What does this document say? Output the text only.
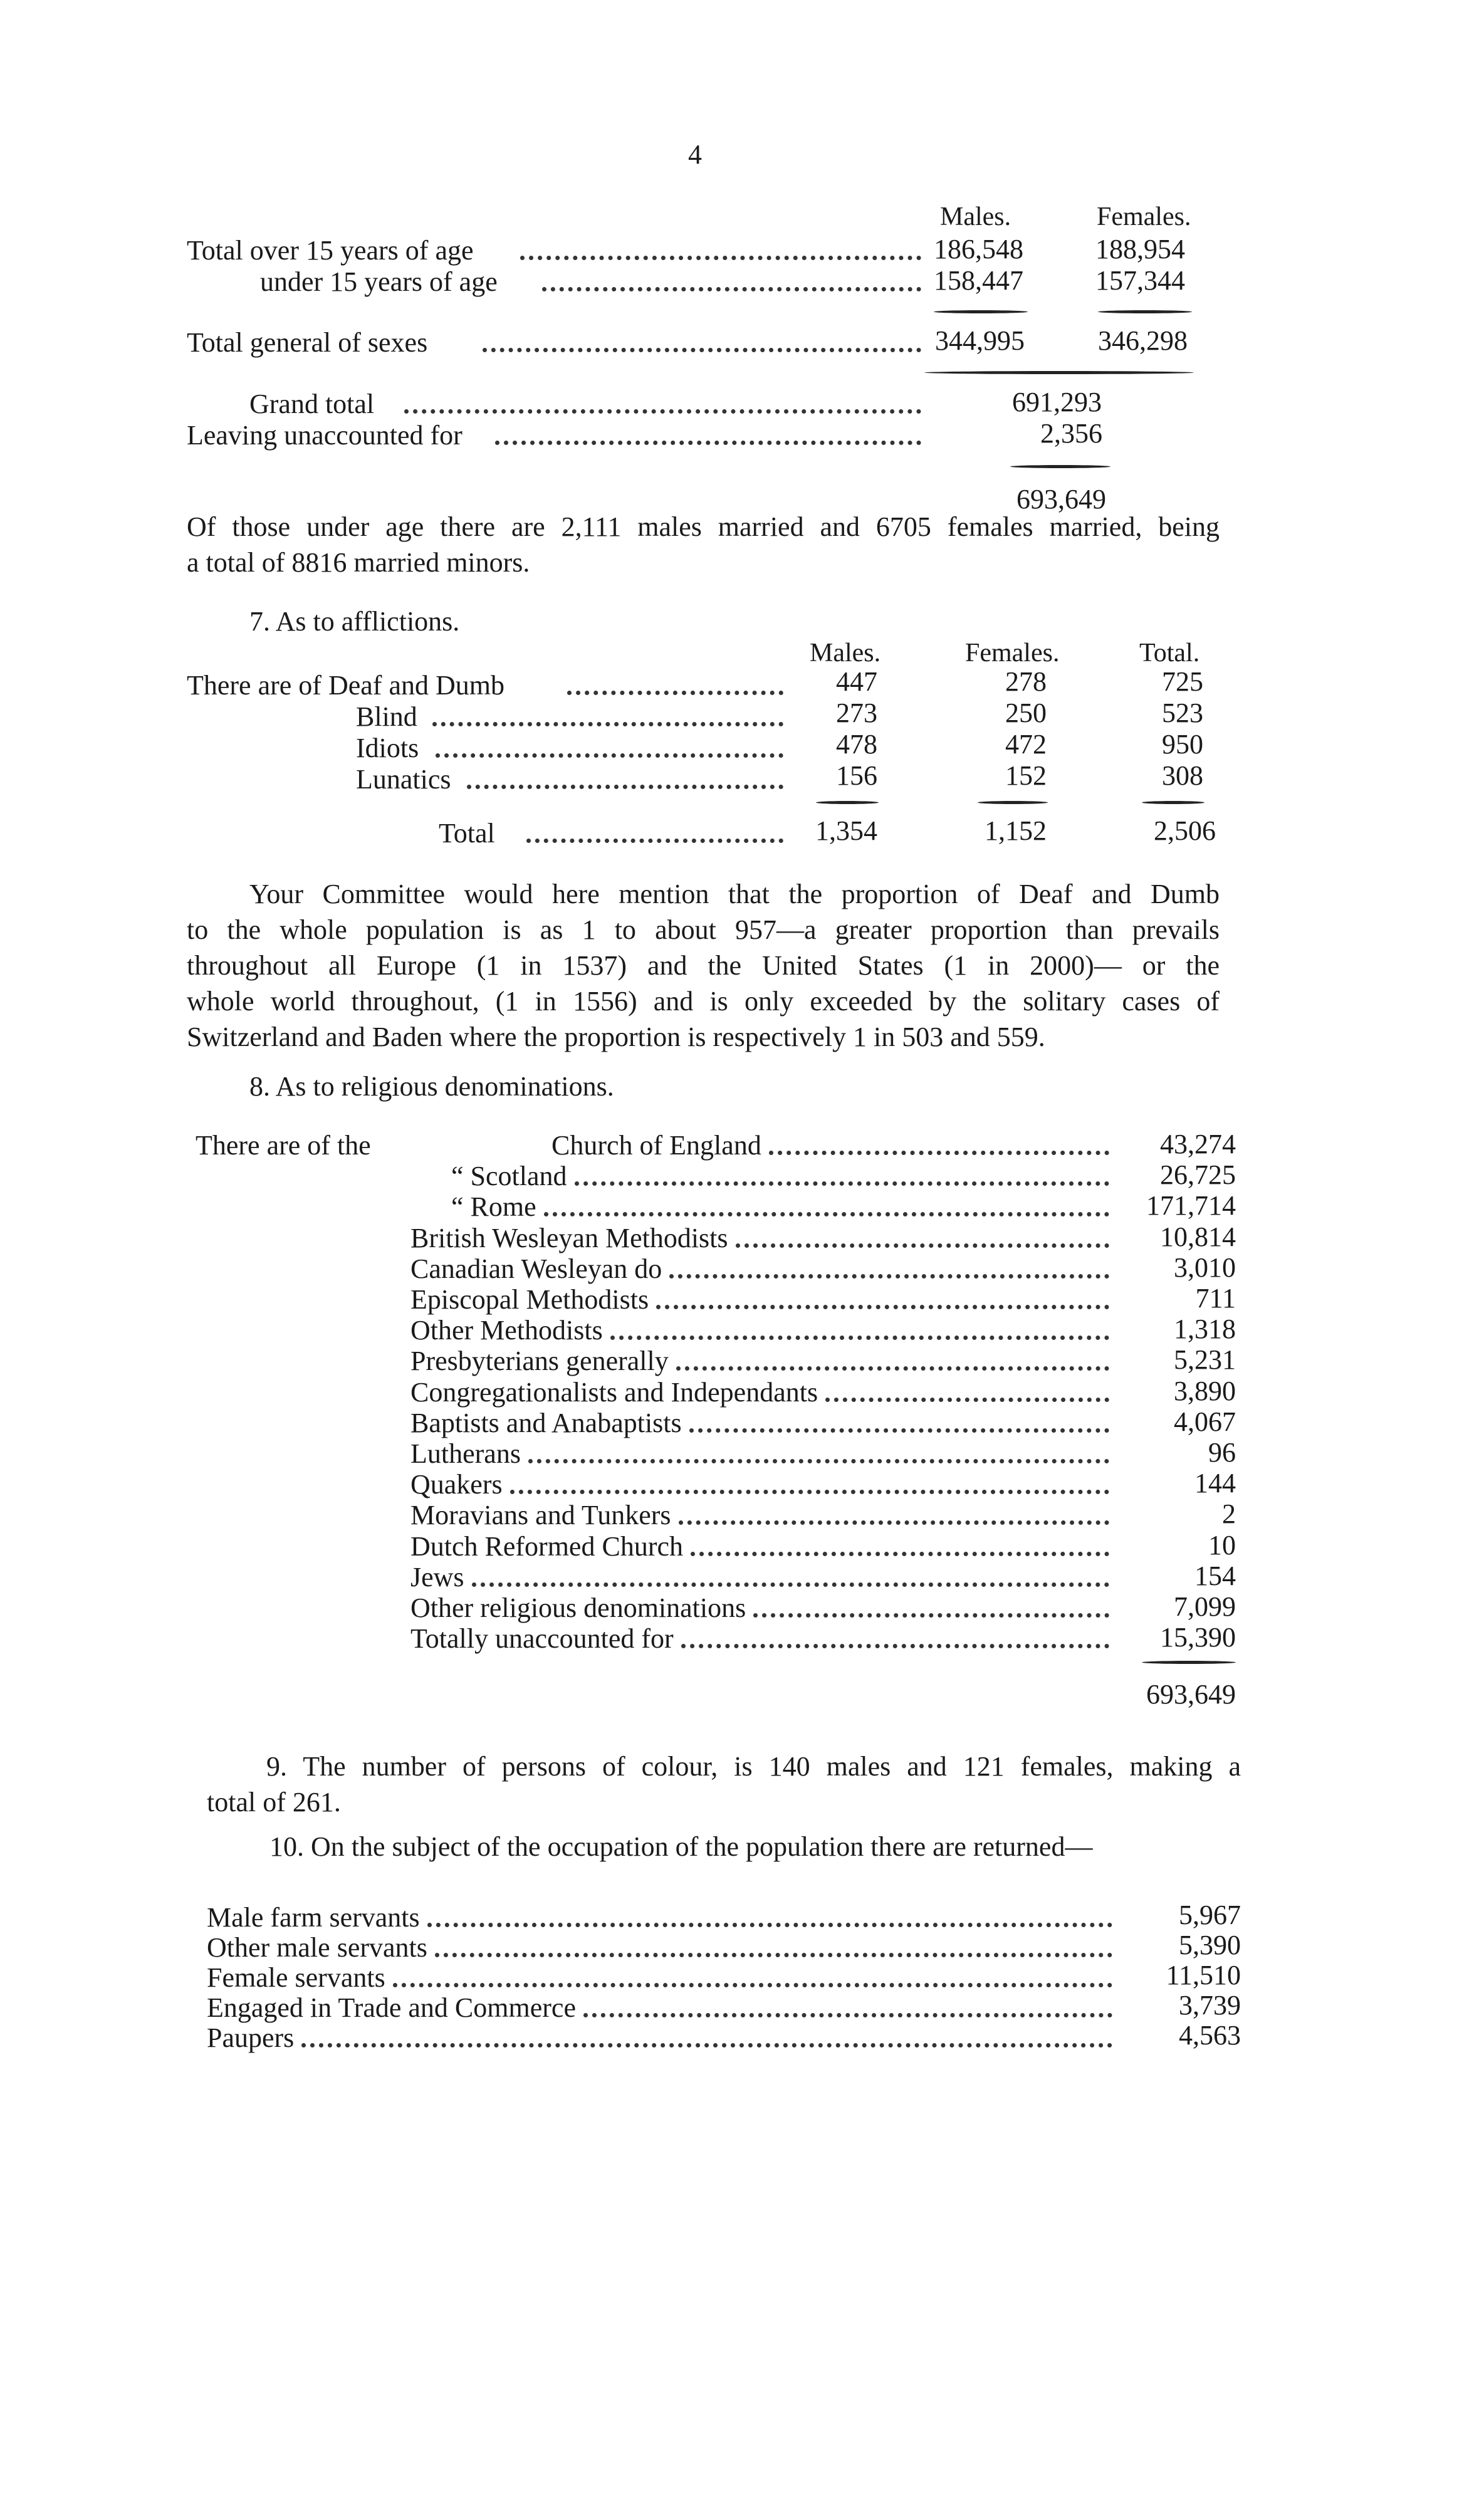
4
Males.	Females.
Total over 15 years of age	186,548	188,954
under 15 years of age	158,447	157,344
Total general of sexes	344,995	346,298
Grand total	691,293
Leaving unaccounted for	2,356
693,649
Of those under age there are 2,111 males married and 6705 females married, being
a total of 8816 married minors.
7. As to afflictions.
Males.	Females.	Total.
There are of Deaf and Dumb	447	278	725
Blind	273	250	523
Idiots	478	472	950
Lunatics	156	152	308
Total	1,354	1,152	2,506
Your Committee would here mention that the proportion of Deaf and Dumb
to the whole population is as 1 to about 957—a greater proportion than prevails
throughout all Europe (1 in 1537) and the United States (1 in 2000)— or the
whole world throughout, (1 in 1556) and is only exceeded by the solitary cases of
Switzerland and Baden where the proportion is respectively 1 in 503 and 559.
8. As to religious denominations.
There are of the	Church of England	43,274
“ Scotland	26,725
“ Rome	171,714
British Wesleyan Methodists	10,814
Canadian Wesleyan do	3,010
Episcopal Methodists	711
Other Methodists	1,318
Presbyterians generally	5,231
Congregationalists and Independants	3,890
Baptists and Anabaptists	4,067
Lutherans	96
Quakers	144
Moravians and Tunkers	2
Dutch Reformed Church	10
Jews	154
Other religious denominations	7,099
Totally unaccounted for	15,390
693,649
9. The number of persons of colour, is 140 males and 121 females, making a
total of 261.
10. On the subject of the occupation of the population there are returned—
Male farm servants	5,967
Other male servants	5,390
Female servants	11,510
Engaged in Trade and Commerce	3,739
Paupers	4,563
